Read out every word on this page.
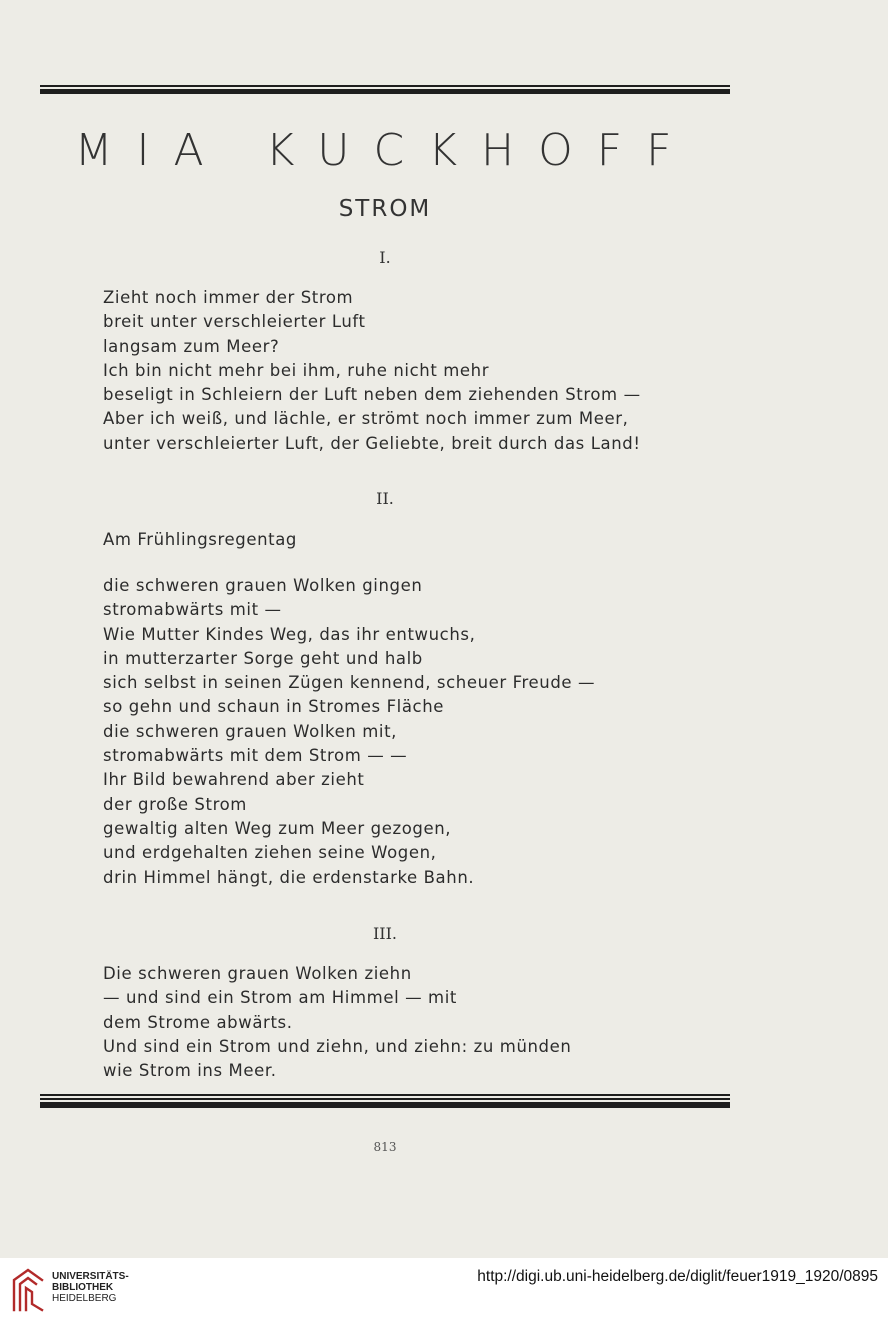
MIA KUCKHOFF
STROM
I.
Zieht noch immer der Strom
breit unter verschleierter Luft
langsam zum Meer?
Ich bin nicht mehr bei ihm, ruhe nicht mehr
beseligt in Schleiern der Luft neben dem ziehenden Strom —
Aber ich weiß, und lächle, er strömt noch immer zum Meer,
unter verschleierter Luft, der Geliebte, breit durch das Land!
II.
Am Frühlingsregentag
die schweren grauen Wolken gingen
stromabwärts mit —
Wie Mutter Kindes Weg, das ihr entwuchs,
in mutterzarter Sorge geht und halb
sich selbst in seinen Zügen kennend, scheuer Freude —
so gehn und schaun in Stromes Fläche
die schweren grauen Wolken mit,
stromabwärts mit dem Strom — —
Ihr Bild bewahrend aber zieht
der große Strom
gewaltig alten Weg zum Meer gezogen,
und erdgehalten ziehen seine Wogen,
drin Himmel hängt, die erdenstarke Bahn.
III.
Die schweren grauen Wolken ziehn
— und sind ein Strom am Himmel — mit
dem Strome abwärts.
Und sind ein Strom und ziehn, und ziehn: zu münden
wie Strom ins Meer.
813
UNIVERSITÄTS-
BIBLIOTHEK
HEIDELBERG
http://digi.ub.uni-heidelberg.de/diglit/feuer1919_1920/0895
